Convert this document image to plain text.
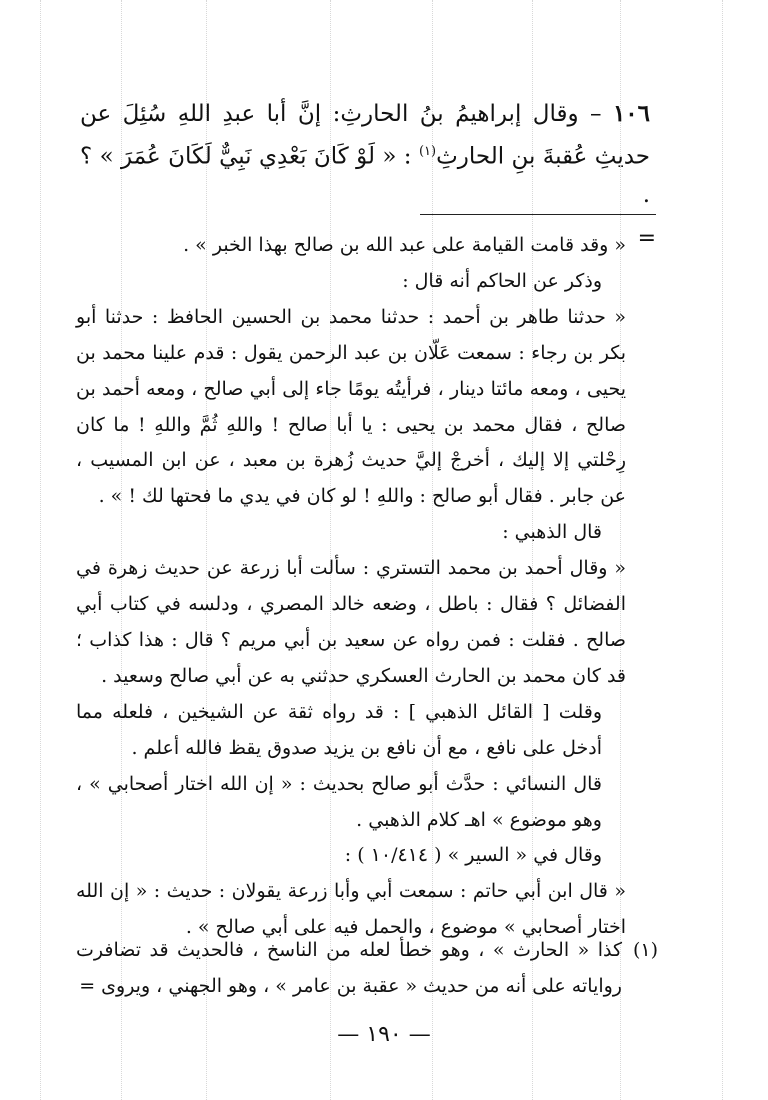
١٠٦ – وقال إبراهيمُ بنُ الحارثِ: إنَّ أبا عبدِ اللهِ سُئِلَ عن حديثِ عُقبةَ بنِ الحارثِ$^{(١)}$ : « لَوْ كَانَ بَعْدِي نَبِيٌّ لَكَانَ عُمَرَ » ؟ .
=

« وقد قامت القيامة على عبد الله بن صالح بهذا الخبر » .

وذكر عن الحاكم أنه قال :

« حدثنا طاهر بن أحمد : حدثنا محمد بن الحسين الحافظ : حدثنا أبو بكر بن رجاء : سمعت عَلّان بن عبد الرحمن يقول : قدم علينا محمد بن يحيى ، ومعه مائتا دينار ، فرأيتُه يومًا جاء إلى أبي صالح ، ومعه أحمد بن صالح ، فقال محمد بن يحيى : يا أبا صالح ! واللهِ ثُمَّ واللهِ ! ما كان رِحْلتي إلا إليك ، أخرجْ إليَّ حديث زُهرة بن معبد ، عن ابن المسيب ، عن جابر . فقال أبو صالح : واللهِ ! لو كان في يدي ما فحتها لك ! » .

قال الذهبي :

« وقال أحمد بن محمد التستري : سألت أبا زرعة عن حديث زهرة في الفضائل ؟ فقال : باطل ، وضعه خالد المصري ، ودلسه في كتاب أبي صالح . فقلت : فمن رواه عن سعيد بن أبي مريم ؟ قال : هذا كذاب ؛ قد كان محمد بن الحارث العسكري حدثني به عن أبي صالح وسعيد .

وقلت [ القائل الذهبي ] : قد رواه ثقة عن الشيخين ، فلعله مما أدخل على نافع ، مع أن نافع بن يزيد صدوق يقظ فالله أعلم .

قال النسائي : حدَّث أبو صالح بحديث : « إن الله اختار أصحابي » ، وهو موضوع » اهـ كلام الذهبي .

وقال في « السير » ( ١٠/٤١٤ ) :

« قال ابن أبي حاتم : سمعت أبي وأبا زرعة يقولان : حديث : « إن الله اختار أصحابي » موضوع ، والحمل فيه على أبي صالح » .

(١)
كذا « الحارث » ، وهو خطأ لعله من الناسخ ، فالحديث قد تضافرت رواياته على أنه من حديث « عقبة بن عامر » ، وهو الجهني ، ويروى =
— ١٩٠ —
